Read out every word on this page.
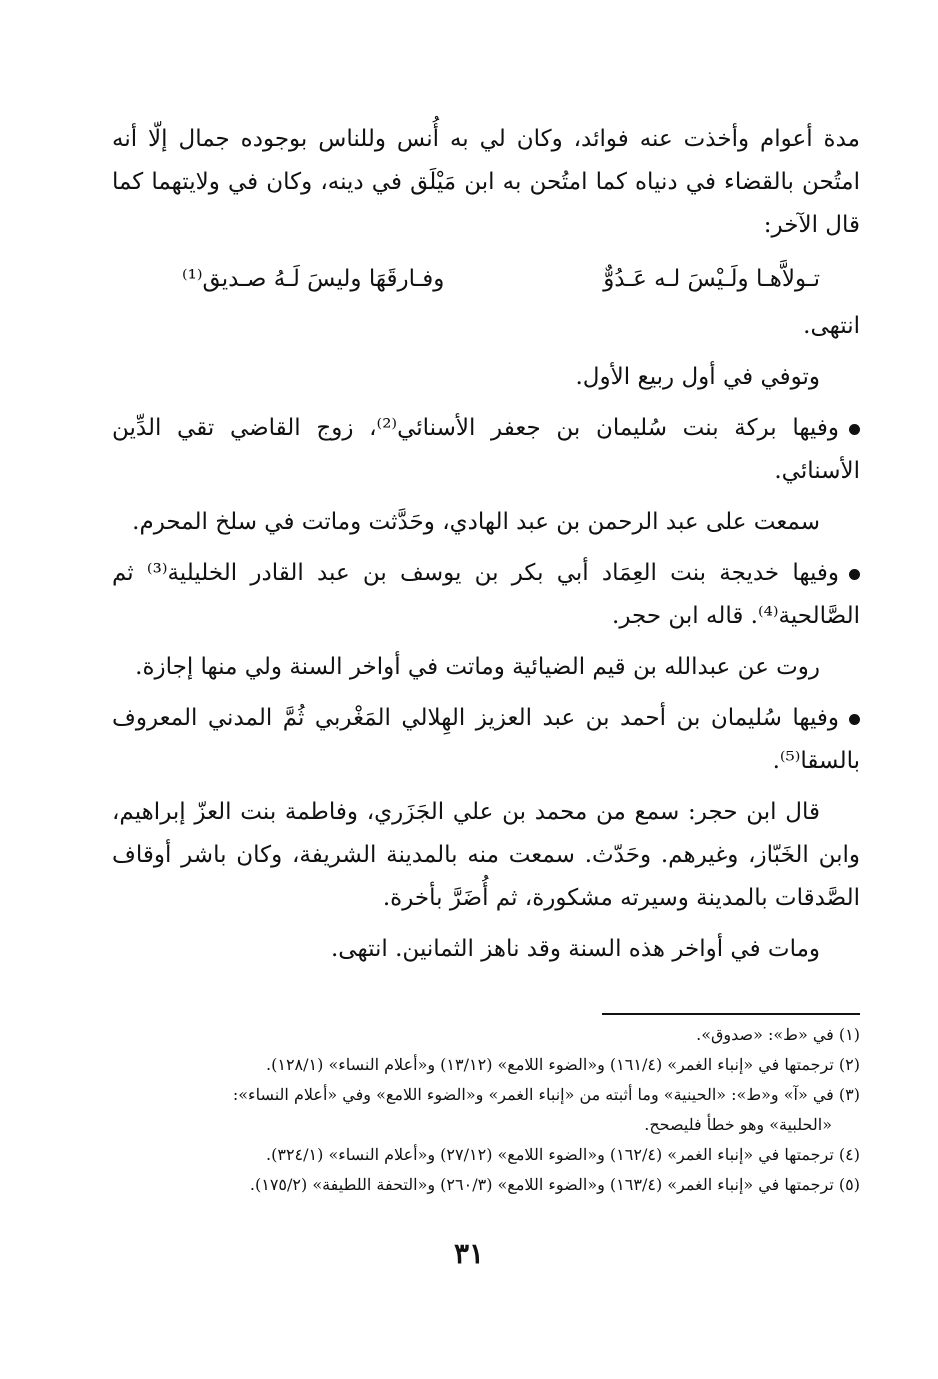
مدة أعوام وأخذت عنه فوائد، وكان لي به أُنس وللناس بوجوده جمال إلّا أنه امتُحن بالقضاء في دنياه كما امتُحن به ابن مَيْلَق في دينه، وكان في ولايتهما كما قال الآخر:

تـولاَّهـا ولَـيْسَ لـه عَـدُوٌّ
وفـارقَهَا وليسَ لَـهُ صـديق⁽¹⁾

انتهى.

وتوفي في أول ربيع الأول.

وفيها بركة بنت سُليمان بن جعفر الأسنائي⁽²⁾، زوج القاضي تقي الدِّين الأسنائي.

سمعت على عبد الرحمن بن عبد الهادي، وحَدَّثت وماتت في سلخ المحرم.

وفيها خديجة بنت العِمَاد أبي بكر بن يوسف بن عبد القادر الخليلية⁽³⁾ ثم الصَّالحية⁽⁴⁾. قاله ابن حجر.

روت عن عبدالله بن قيم الضيائية وماتت في أواخر السنة ولي منها إجازة.

وفيها سُليمان بن أحمد بن عبد العزيز الهِلالي المَغْربي ثُمَّ المدني المعروف بالسقا⁽⁵⁾.

قال ابن حجر: سمع من محمد بن علي الجَزَري، وفاطمة بنت العزّ إبراهيم، وابن الخَبّاز، وغيرهم. وحَدّث. سمعت منه بالمدينة الشريفة، وكان باشر أوقاف الصَّدقات بالمدينة وسيرته مشكورة، ثم أُضَرَّ بأخرة.

ومات في أواخر هذه السنة وقد ناهز الثمانين. انتهى.

(١) في «ط»: «صدوق».

(٢) ترجمتها في «إنباء الغمر» (١٦١/٤) و«الضوء اللامع» (١٣/١٢) و«أعلام النساء» (١٢٨/١).

(٣) في «آ» و«ط»: «الحينية» وما أثبته من «إنباء الغمر» و«الضوء اللامع» وفي «أعلام النساء»:

«الحلبية» وهو خطأ فليصحح.

(٤) ترجمتها في «إنباء الغمر» (١٦٢/٤) و«الضوء اللامع» (٢٧/١٢) و«أعلام النساء» (٣٢٤/١).

(٥) ترجمتها في «إنباء الغمر» (١٦٣/٤) و«الضوء اللامع» (٢٦٠/٣) و«التحفة اللطيفة» (١٧٥/٢).

٣١
